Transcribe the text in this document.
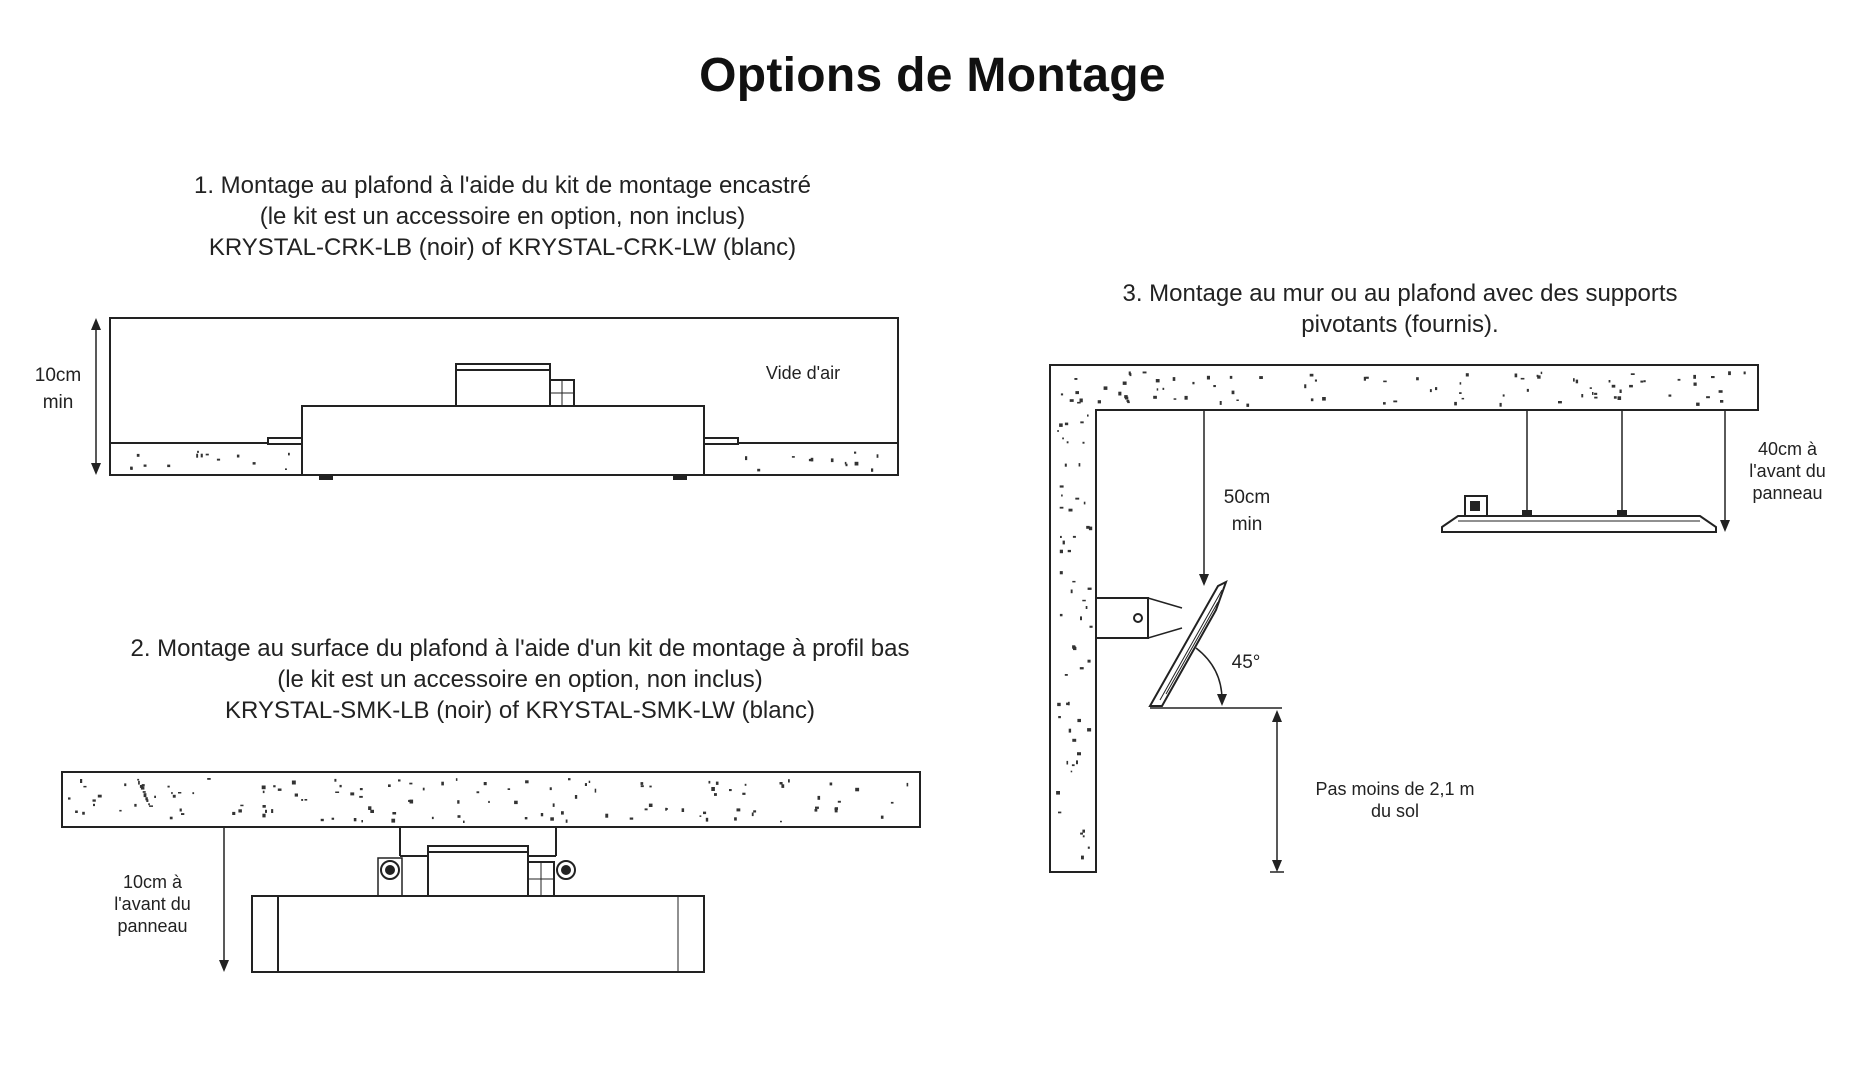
Options de Montage
1. Montage au plafond à l'aide du kit de montage encastré
(le kit est un accessoire en option, non inclus)
KRYSTAL-CRK-LB (noir) of KRYSTAL-CRK-LW (blanc)
2. Montage au surface du plafond à l'aide d'un kit de montage à profil bas
(le kit est un accessoire en option, non inclus)
KRYSTAL-SMK-LB (noir) of KRYSTAL-SMK-LW (blanc)
3. Montage au mur ou au plafond avec des supports
pivotants (fournis).
10cm
min
Vide d'air
10cm à
l'avant du
panneau
50cm
min
40cm à
l'avant du
panneau
45°
Pas moins de 2,1 m
du sol
